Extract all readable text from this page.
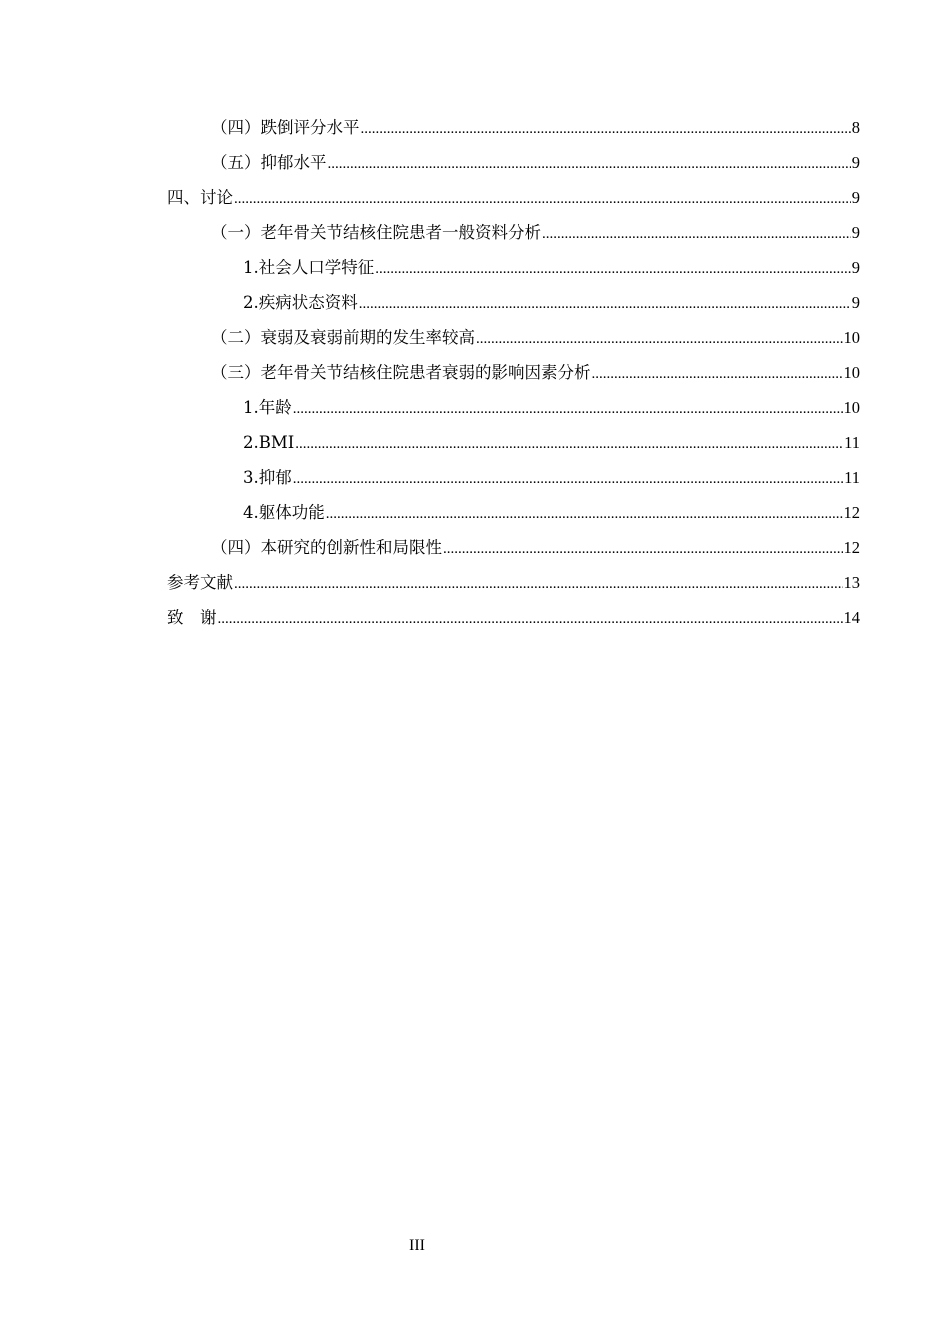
（四）跌倒评分水平 .....	8
（五）抑郁水平 .....	9
四、讨论 .....	9
（一）老年骨关节结核住院患者一般资料分析 .....	9
1.社会人口学特征 .....	9
2.疾病状态资料 .....	9
（二）衰弱及衰弱前期的发生率较高 .....	10
（三）老年骨关节结核住院患者衰弱的影响因素分析 .....	10
1.年龄 .....	10
2.BMI .....	11
3.抑郁 .....	11
4.躯体功能 .....	12
（四）本研究的创新性和局限性 .....	12
参考文献 .....	13
致　谢 .....	14
III
